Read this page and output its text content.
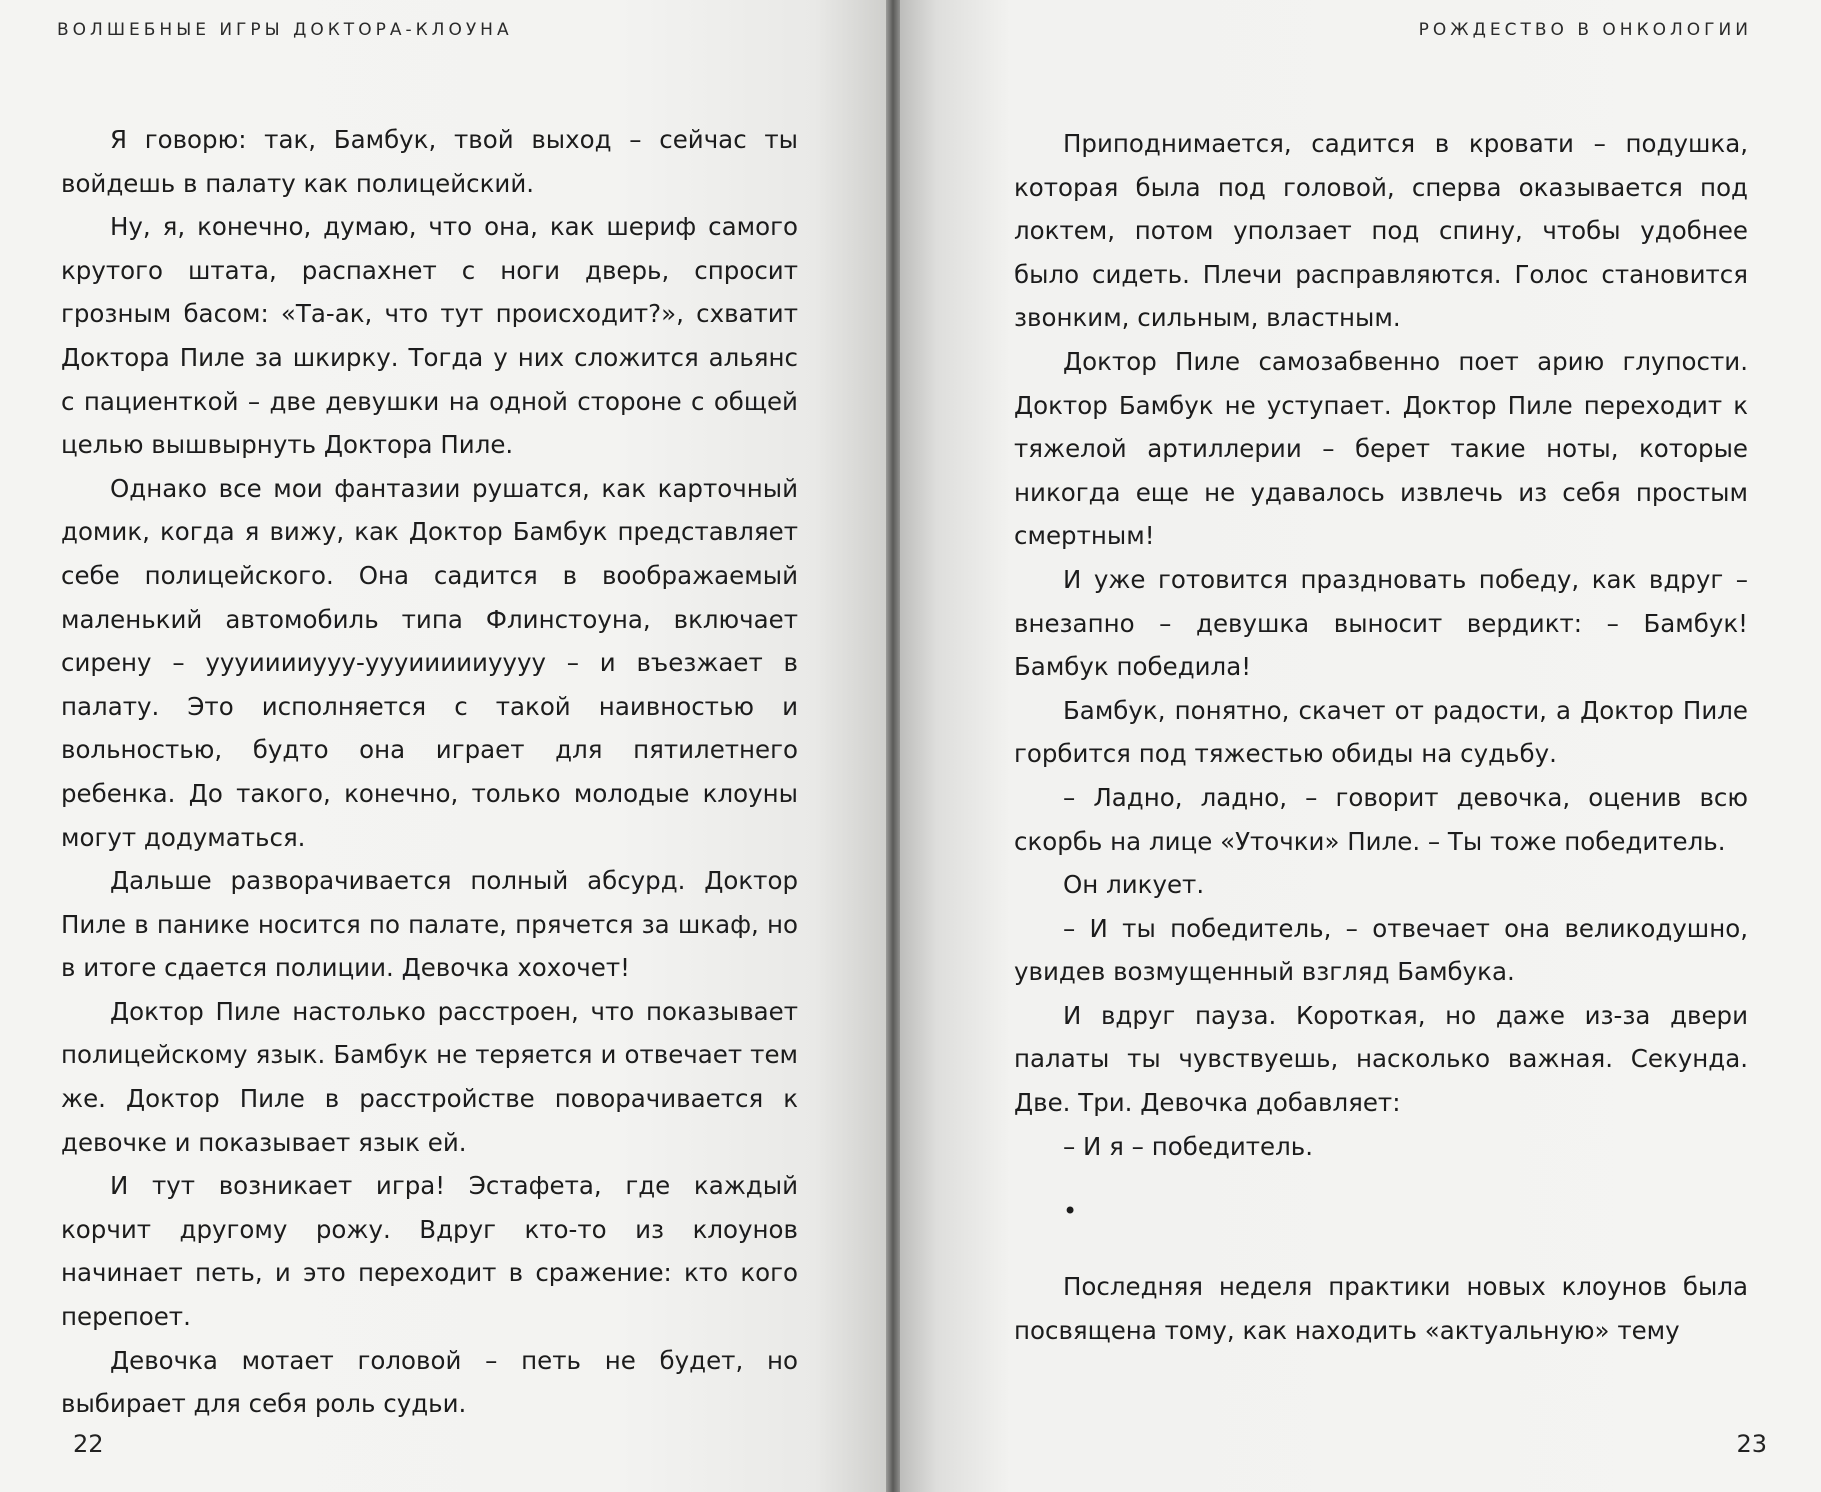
ВОЛШЕБНЫЕ ИГРЫ ДОКТОРА-КЛОУНА

Я говорю: так, Бамбук, твой выход – сейчас ты войдешь в палату как полицейский.

Ну, я, конечно, думаю, что она, как шериф самого крутого штата, распахнет с ноги дверь, спросит грозным басом: «Та-ак, что тут происходит?», схватит Доктора Пиле за шкирку. Тогда у них сложится альянс с пациенткой – две девушки на одной стороне с общей целью вышвырнуть Доктора Пиле.

Однако все мои фантазии рушатся, как карточный домик, когда я вижу, как Доктор Бамбук представляет себе полицейского. Она садится в воображаемый маленький автомобиль типа Флинстоуна, включает сирену – уууииииууу-уууиииииуууу – и въезжает в палату. Это исполняется с такой наивностью и вольностью, будто она играет для пятилетнего ребенка. До такого, конечно, только молодые клоуны могут додуматься.

Дальше разворачивается полный абсурд. Доктор Пиле в панике носится по палате, прячется за шкаф, но в итоге сдается полиции. Девочка хохочет!

Доктор Пиле настолько расстроен, что показывает полицейскому язык. Бамбук не теряется и отвечает тем же. Доктор Пиле в расстройстве поворачивается к девочке и показывает язык ей.

И тут возникает игра! Эстафета, где каждый корчит другому рожу. Вдруг кто-то из клоунов начинает петь, и это переходит в сражение: кто кого перепоет.

Девочка мотает головой – петь не будет, но выбирает для себя роль судьи.

22
РОЖДЕСТВО В ОНКОЛОГИИ

Приподнимается, садится в кровати – подушка, которая была под головой, сперва оказывается под локтем, потом уползает под спину, чтобы удобнее было сидеть. Плечи расправляются. Голос становится звонким, сильным, властным.

Доктор Пиле самозабвенно поет арию глупости. Доктор Бамбук не уступает. Доктор Пиле переходит к тяжелой артиллерии – берет такие ноты, которые никогда еще не удавалось извлечь из себя простым смертным!

И уже готовится праздновать победу, как вдруг – внезапно – девушка выносит вердикт: – Бамбук! Бамбук победила!

Бамбук, понятно, скачет от радости, а Доктор Пиле горбится под тяжестью обиды на судьбу.

– Ладно, ладно, – говорит девочка, оценив всю скорбь на лице «Уточки» Пиле. – Ты тоже победитель.

Он ликует.

– И ты победитель, – отвечает она великодушно, увидев возмущенный взгляд Бамбука.

И вдруг пауза. Короткая, но даже из-за двери палаты ты чувствуешь, насколько важная. Секунда. Две. Три. Девочка добавляет:

– И я – победитель.

•

Последняя неделя практики новых клоунов была посвящена тому, как находить «актуальную» тему

23
